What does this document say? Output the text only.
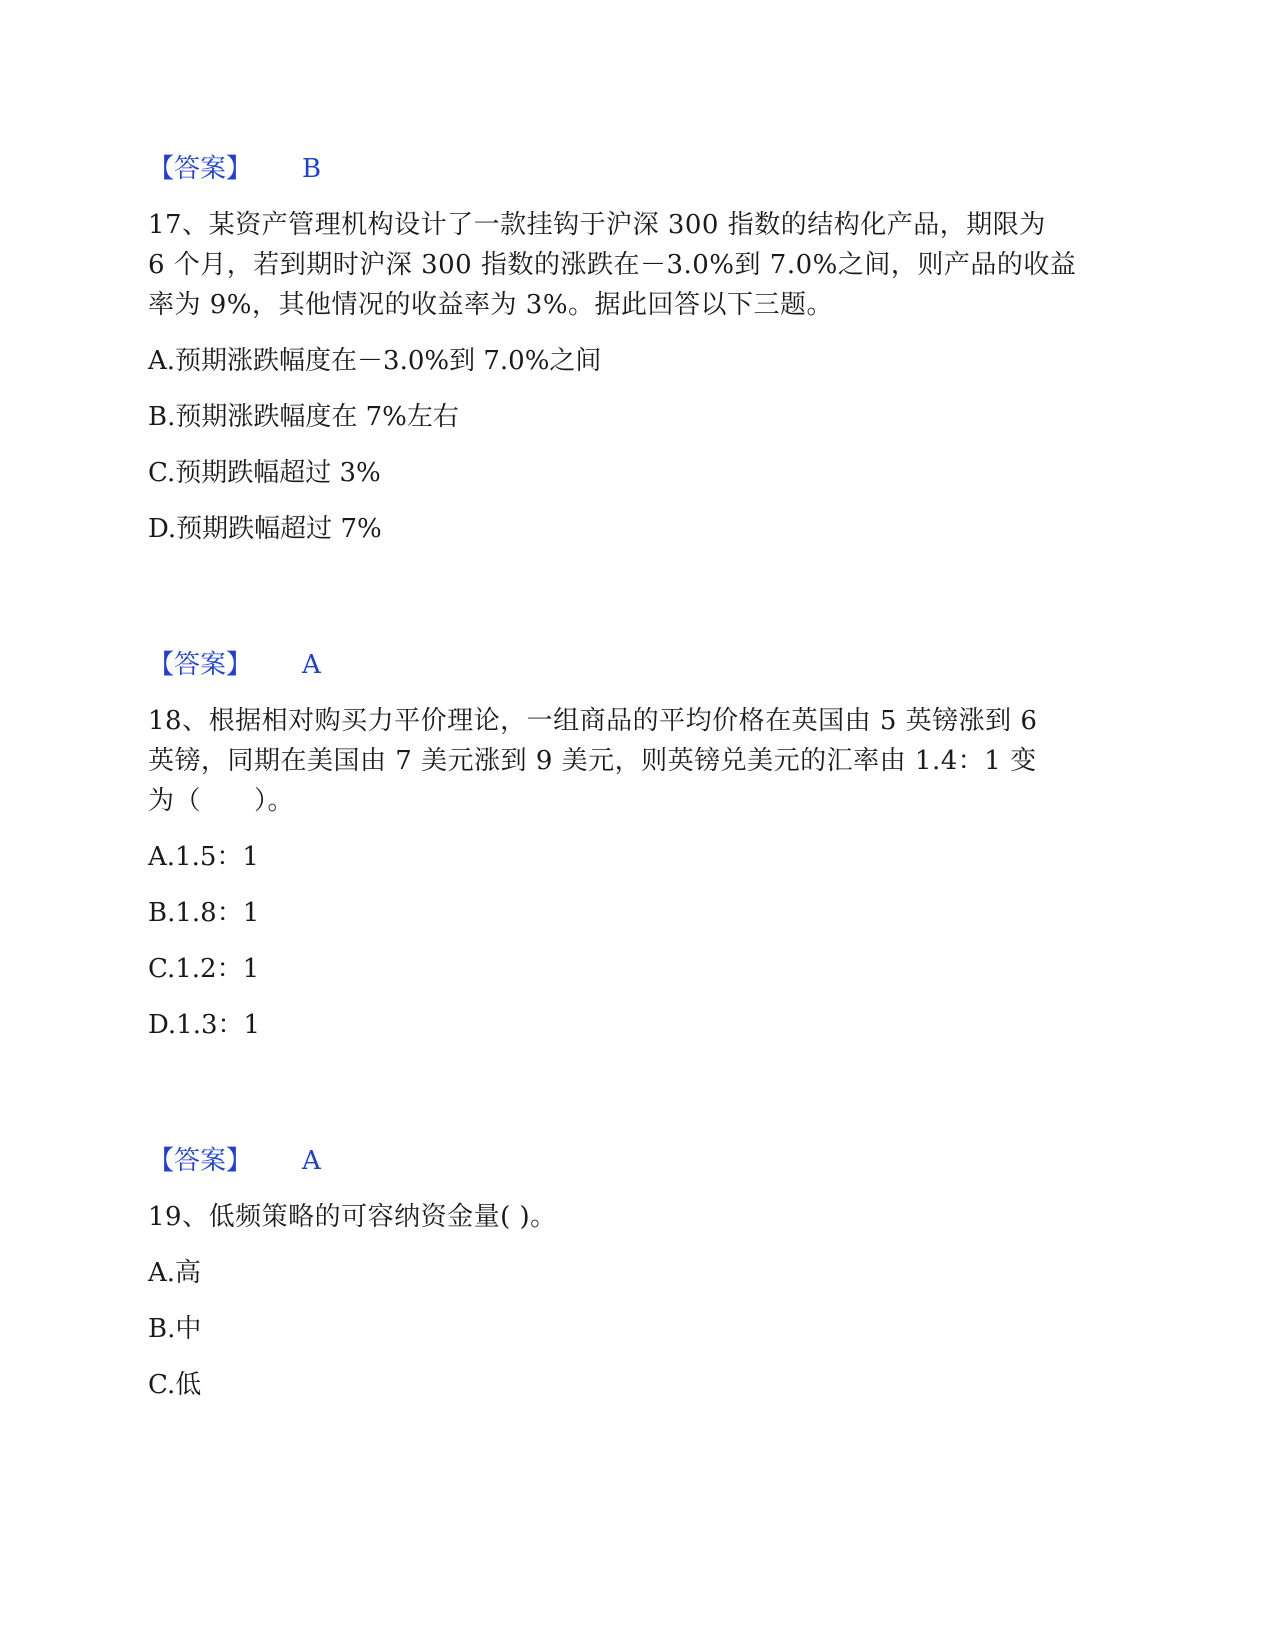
【答案】 B
17、某资产管理机构设计了一款挂钩于沪深 300 指数的结构化产品，期限为
6 个月，若到期时沪深 300 指数的涨跌在－3.0%到 7.0%之间，则产品的收益
率为 9%，其他情况的收益率为 3%。据此回答以下三题。
A.预期涨跌幅度在－3.0%到 7.0%之间
B.预期涨跌幅度在 7%左右
C.预期跌幅超过 3%
D.预期跌幅超过 7%
【答案】 A
18、根据相对购买力平价理论，一组商品的平均价格在英国由 5 英镑涨到 6
英镑，同期在美国由 7 美元涨到 9 美元，则英镑兑美元的汇率由 1.4：1 变
为（　　）。
A.1.5：1
B.1.8：1
C.1.2：1
D.1.3：1
【答案】 A
19、低频策略的可容纳资金量( )。
A.高
B.中
C.低
